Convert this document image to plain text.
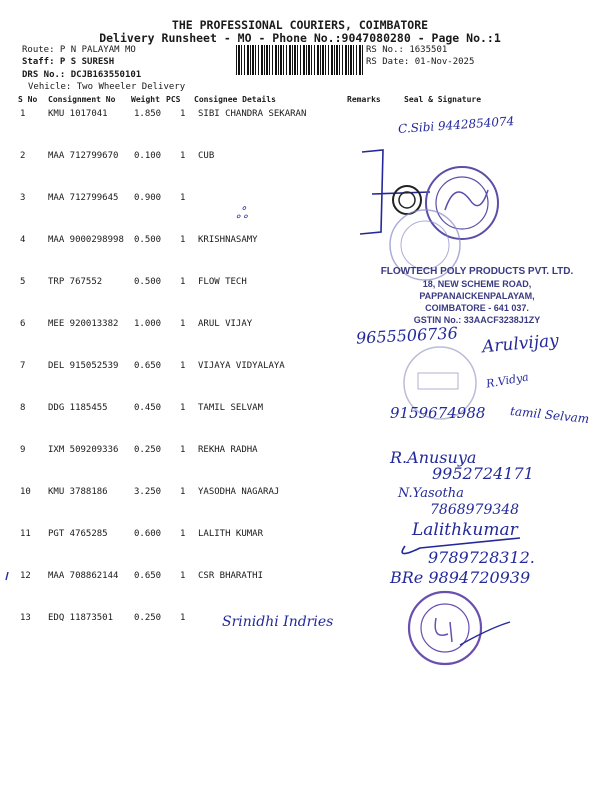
THE PROFESSIONAL COURIERS, COIMBATORE
Delivery Runsheet - MO - Phone No.:9047080280 - Page No.:1
Route: P N PALAYAM MO
Staff: P S SURESH
DRS No.: DCJB163550101
Vehicle: Two Wheeler Delivery
RS No.: 1635501
RS Date: 01-Nov-2025
S No Consignment No Weight PCS Consignee Details	Remarks	Seal & Signature
1	KMU 1017041	1.850 1 SIBI CHANDRA SEKARAN
2	MAA 712799670 0.100 1 CUB
3	MAA 712799645 0.900 1
4	MAA 9000298998 0.500 1 KRISHNASAMY
5	TRP 767552	0.500 1 FLOW TECH
6	MEE 920013382 1.000 1 ARUL VIJAY
7	DEL 915052539 0.650 1 VIJAYA VIDYALAYA
8	DDG 1185455	0.450 1 TAMIL SELVAM
9	IXM 509209336 0.250 1 REKHA RADHA
10 KMU 3788186	3.250 1 YASODHA NAGARAJ
11 PGT 4765285	0.600 1 LALITH KUMAR
12 MAA 708862144 0.650 1 CSR BHARATHI
13 EDQ 11873501 0.250 1
FLOWTECH POLY PRODUCTS PVT. LTD.
18, NEW SCHEME ROAD,
PAPPANAICKENPALAYAM,
COIMBATORE - 641 037.
GSTIN No.: 33AACF3238J1ZY
C.Sibi 9442854074
ஃ
9655506736 Arulvijay
R.Vidya
9159674988 tamil Selvam
R.Anusuya
9952724171
N.Yasotha
7868979348
Lalithkumar
9789728312.
BRe 9894720939
Srinidhi Indries
